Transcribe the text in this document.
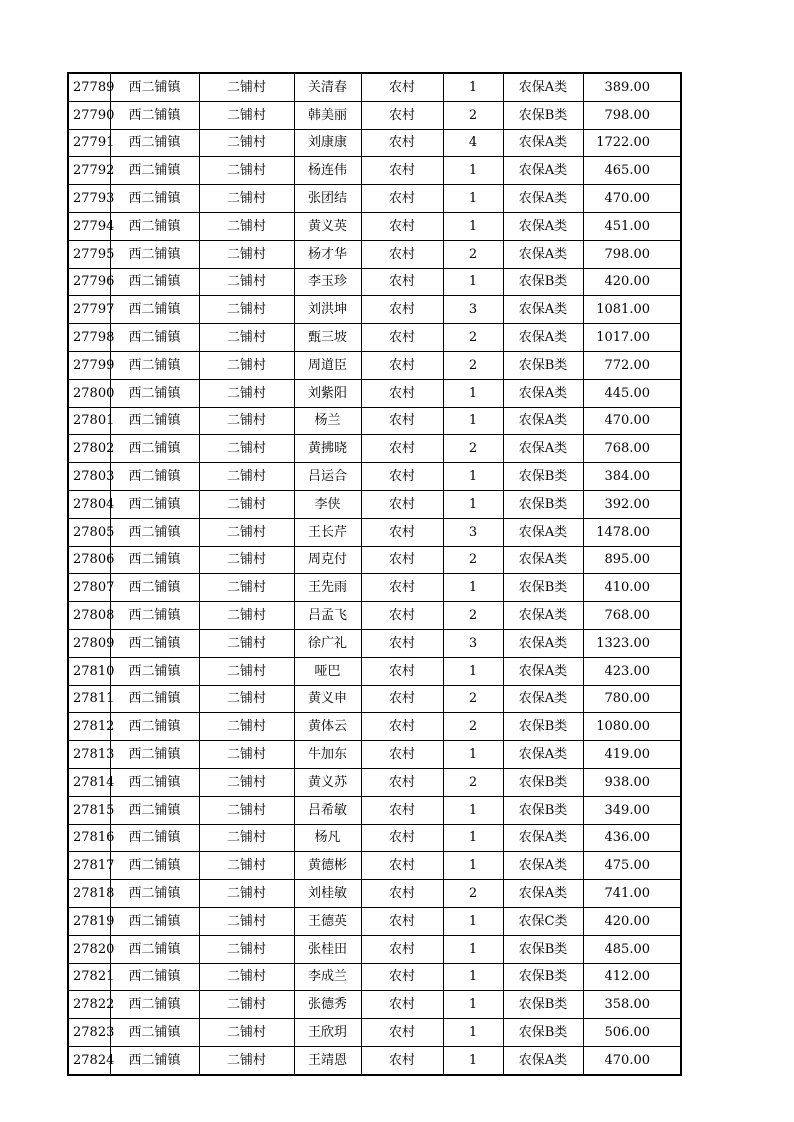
27789	西二铺镇	二铺村	关清春	农村	1	农保A类	389.00
27790	西二铺镇	二铺村	韩美丽	农村	2	农保B类	798.00
27791	西二铺镇	二铺村	刘康康	农村	4	农保A类	1722.00
27792	西二铺镇	二铺村	杨连伟	农村	1	农保A类	465.00
27793	西二铺镇	二铺村	张团结	农村	1	农保A类	470.00
27794	西二铺镇	二铺村	黄义英	农村	1	农保A类	451.00
27795	西二铺镇	二铺村	杨才华	农村	2	农保A类	798.00
27796	西二铺镇	二铺村	李玉珍	农村	1	农保B类	420.00
27797	西二铺镇	二铺村	刘洪坤	农村	3	农保A类	1081.00
27798	西二铺镇	二铺村	甄三坡	农村	2	农保A类	1017.00
27799	西二铺镇	二铺村	周道臣	农村	2	农保B类	772.00
27800	西二铺镇	二铺村	刘紫阳	农村	1	农保A类	445.00
27801	西二铺镇	二铺村	杨兰	农村	1	农保A类	470.00
27802	西二铺镇	二铺村	黄拂晓	农村	2	农保A类	768.00
27803	西二铺镇	二铺村	吕运合	农村	1	农保B类	384.00
27804	西二铺镇	二铺村	李侠	农村	1	农保B类	392.00
27805	西二铺镇	二铺村	王长芹	农村	3	农保A类	1478.00
27806	西二铺镇	二铺村	周克付	农村	2	农保A类	895.00
27807	西二铺镇	二铺村	王先雨	农村	1	农保B类	410.00
27808	西二铺镇	二铺村	吕孟飞	农村	2	农保A类	768.00
27809	西二铺镇	二铺村	徐广礼	农村	3	农保A类	1323.00
27810	西二铺镇	二铺村	哑巴	农村	1	农保A类	423.00
27811	西二铺镇	二铺村	黄义申	农村	2	农保A类	780.00
27812	西二铺镇	二铺村	黄体云	农村	2	农保B类	1080.00
27813	西二铺镇	二铺村	牛加东	农村	1	农保A类	419.00
27814	西二铺镇	二铺村	黄义苏	农村	2	农保B类	938.00
27815	西二铺镇	二铺村	吕希敏	农村	1	农保B类	349.00
27816	西二铺镇	二铺村	杨凡	农村	1	农保A类	436.00
27817	西二铺镇	二铺村	黄德彬	农村	1	农保A类	475.00
27818	西二铺镇	二铺村	刘桂敏	农村	2	农保A类	741.00
27819	西二铺镇	二铺村	王德英	农村	1	农保C类	420.00
27820	西二铺镇	二铺村	张桂田	农村	1	农保B类	485.00
27821	西二铺镇	二铺村	李成兰	农村	1	农保B类	412.00
27822	西二铺镇	二铺村	张德秀	农村	1	农保B类	358.00
27823	西二铺镇	二铺村	王欣玥	农村	1	农保B类	506.00
27824	西二铺镇	二铺村	王靖恩	农村	1	农保A类	470.00
